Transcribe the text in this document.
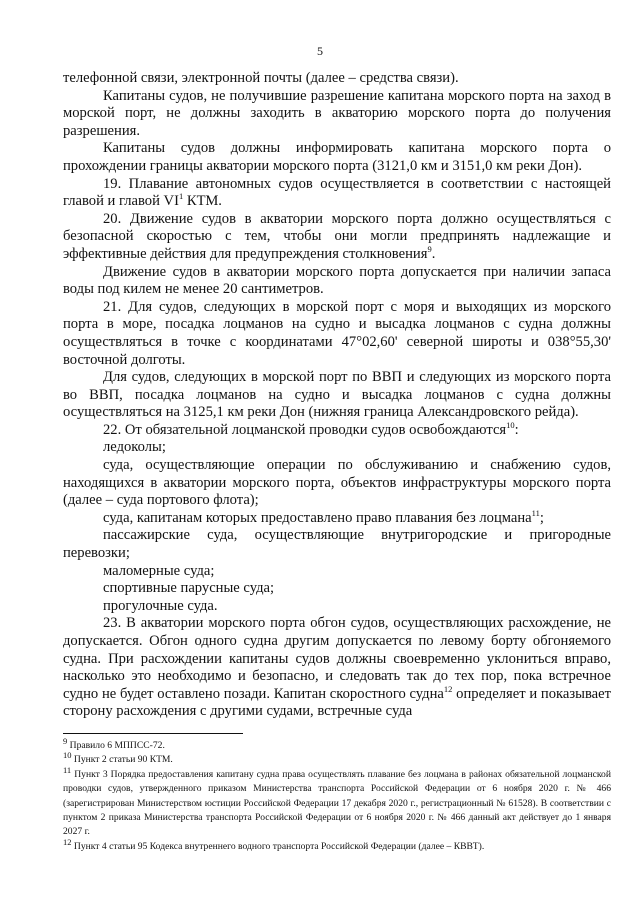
5

телефонной связи, электронной почты (далее – средства связи).

Капитаны судов, не получившие разрешение капитана морского порта на заход в морской порт, не должны заходить в акваторию морского порта до получения разрешения.

Капитаны судов должны информировать капитана морского порта о прохождении границы акватории морского порта (3121,0 км и 3151,0 км реки Дон).

19. Плавание автономных судов осуществляется в соответствии с настоящей главой и главой $VI^1$ КТМ.

20. Движение судов в акватории морского порта должно осуществляться с безопасной скоростью с тем, чтобы они могли предпринять надлежащие и эффективные действия для предупреждения столкновения$^9$.

Движение судов в акватории морского порта допускается при наличии запаса воды под килем не менее 20 сантиметров.

21. Для судов, следующих в морской порт с моря и выходящих из морского порта в море, посадка лоцманов на судно и высадка лоцманов с судна должны осуществляться в точке с координатами 47°02,60' северной широты и 038°55,30' восточной долготы.

Для судов, следующих в морской порт по ВВП и следующих из морского порта во ВВП, посадка лоцманов на судно и высадка лоцманов с судна должны осуществляться на 3125,1 км реки Дон (нижняя граница Александровского рейда).

22. От обязательной лоцманской проводки судов освобождаются$^{10}$:

ледоколы;

суда, осуществляющие операции по обслуживанию и снабжению судов, находящихся в акватории морского порта, объектов инфраструктуры морского порта (далее – суда портового флота);

суда, капитанам которых предоставлено право плавания без лоцмана$^{11}$;

пассажирские суда, осуществляющие внутригородские и пригородные перевозки;

маломерные суда;

спортивные парусные суда;

прогулочные суда.

23. В акватории морского порта обгон судов, осуществляющих расхождение, не допускается. Обгон одного судна другим допускается по левому борту обгоняемого судна. При расхождении капитаны судов должны своевременно уклониться вправо, насколько это необходимо и безопасно, и следовать так до тех пор, пока встречное судно не будет оставлено позади. Капитан скоростного судна$^{12}$ определяет и показывает сторону расхождения с другими судами, встречные суда

$^9$ Правило 6 МППСС-72.

$^{10}$ Пункт 2 статьи 90 КТМ.

$^{11}$ Пункт 3 Порядка предоставления капитану судна права осуществлять плавание без лоцмана в районах обязательной лоцманской проводки судов, утвержденного приказом Министерства транспорта Российской Федерации от 6 ноября 2020 г. № 466 (зарегистрирован Министерством юстиции Российской Федерации 17 декабря 2020 г., регистрационный № 61528). В соответствии с пунктом 2 приказа Министерства транспорта Российской Федерации от 6 ноября 2020 г. № 466 данный акт действует до 1 января 2027 г.

$^{12}$ Пункт 4 статьи 95 Кодекса внутреннего водного транспорта Российской Федерации (далее – КВВТ).
